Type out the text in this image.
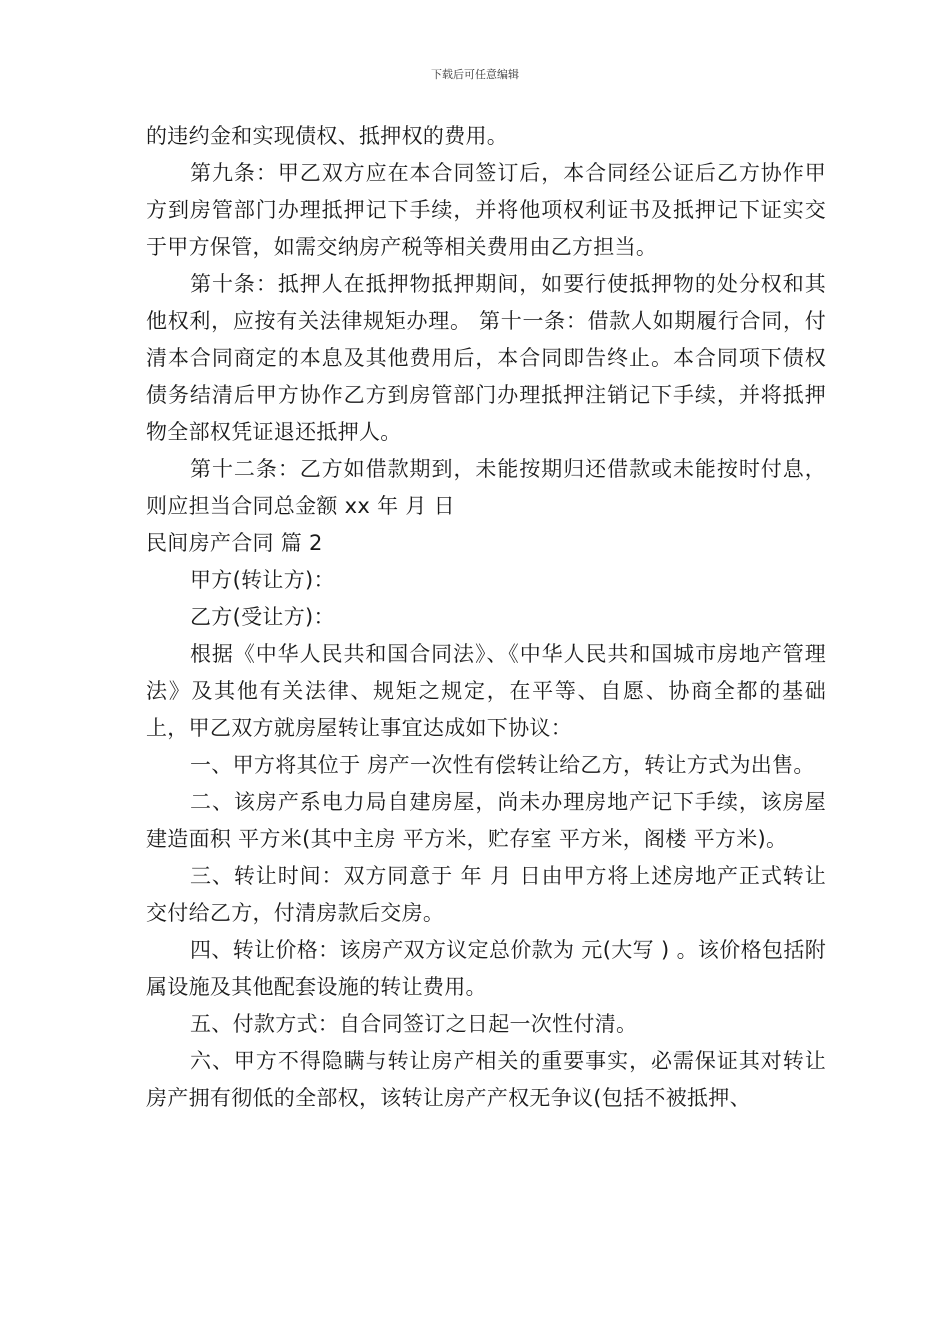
下载后可任意编辑

的违约金和实现债权、抵押权的费用。

第九条：甲乙双方应在本合同签订后，本合同经公证后乙方协作甲方到房管部门办理抵押记下手续，并将他项权利证书及抵押记下证实交于甲方保管，如需交纳房产税等相关费用由乙方担当。

第十条：抵押人在抵押物抵押期间，如要行使抵押物的处分权和其他权利，应按有关法律规矩办理。 第十一条：借款人如期履行合同，付清本合同商定的本息及其他费用后，本合同即告终止。本合同项下债权债务结清后甲方协作乙方到房管部门办理抵押注销记下手续，并将抵押物全部权凭证退还抵押人。

第十二条：乙方如借款期到，未能按期归还借款或未能按时付息，则应担当合同总金额 xx 年 月 日

民间房产合同 篇 2

甲方(转让方)：

乙方(受让方)：

根据《中华人民共和国合同法》、《中华人民共和国城市房地产管理法》及其他有关法律、规矩之规定，在平等、自愿、协商全都的基础上，甲乙双方就房屋转让事宜达成如下协议：

一、甲方将其位于 房产一次性有偿转让给乙方，转让方式为出售。

二、该房产系电力局自建房屋，尚未办理房地产记下手续，该房屋建造面积 平方米(其中主房 平方米，贮存室 平方米，阁楼 平方米)。

三、转让时间：双方同意于 年 月 日由甲方将上述房地产正式转让交付给乙方，付清房款后交房。

四、转让价格：该房产双方议定总价款为 元(大写 ) 。该价格包括附属设施及其他配套设施的转让费用。

五、付款方式：自合同签订之日起一次性付清。

六、甲方不得隐瞒与转让房产相关的重要事实，必需保证其对转让房产拥有彻低的全部权，该转让房产产权无争议(包括不被抵押、
